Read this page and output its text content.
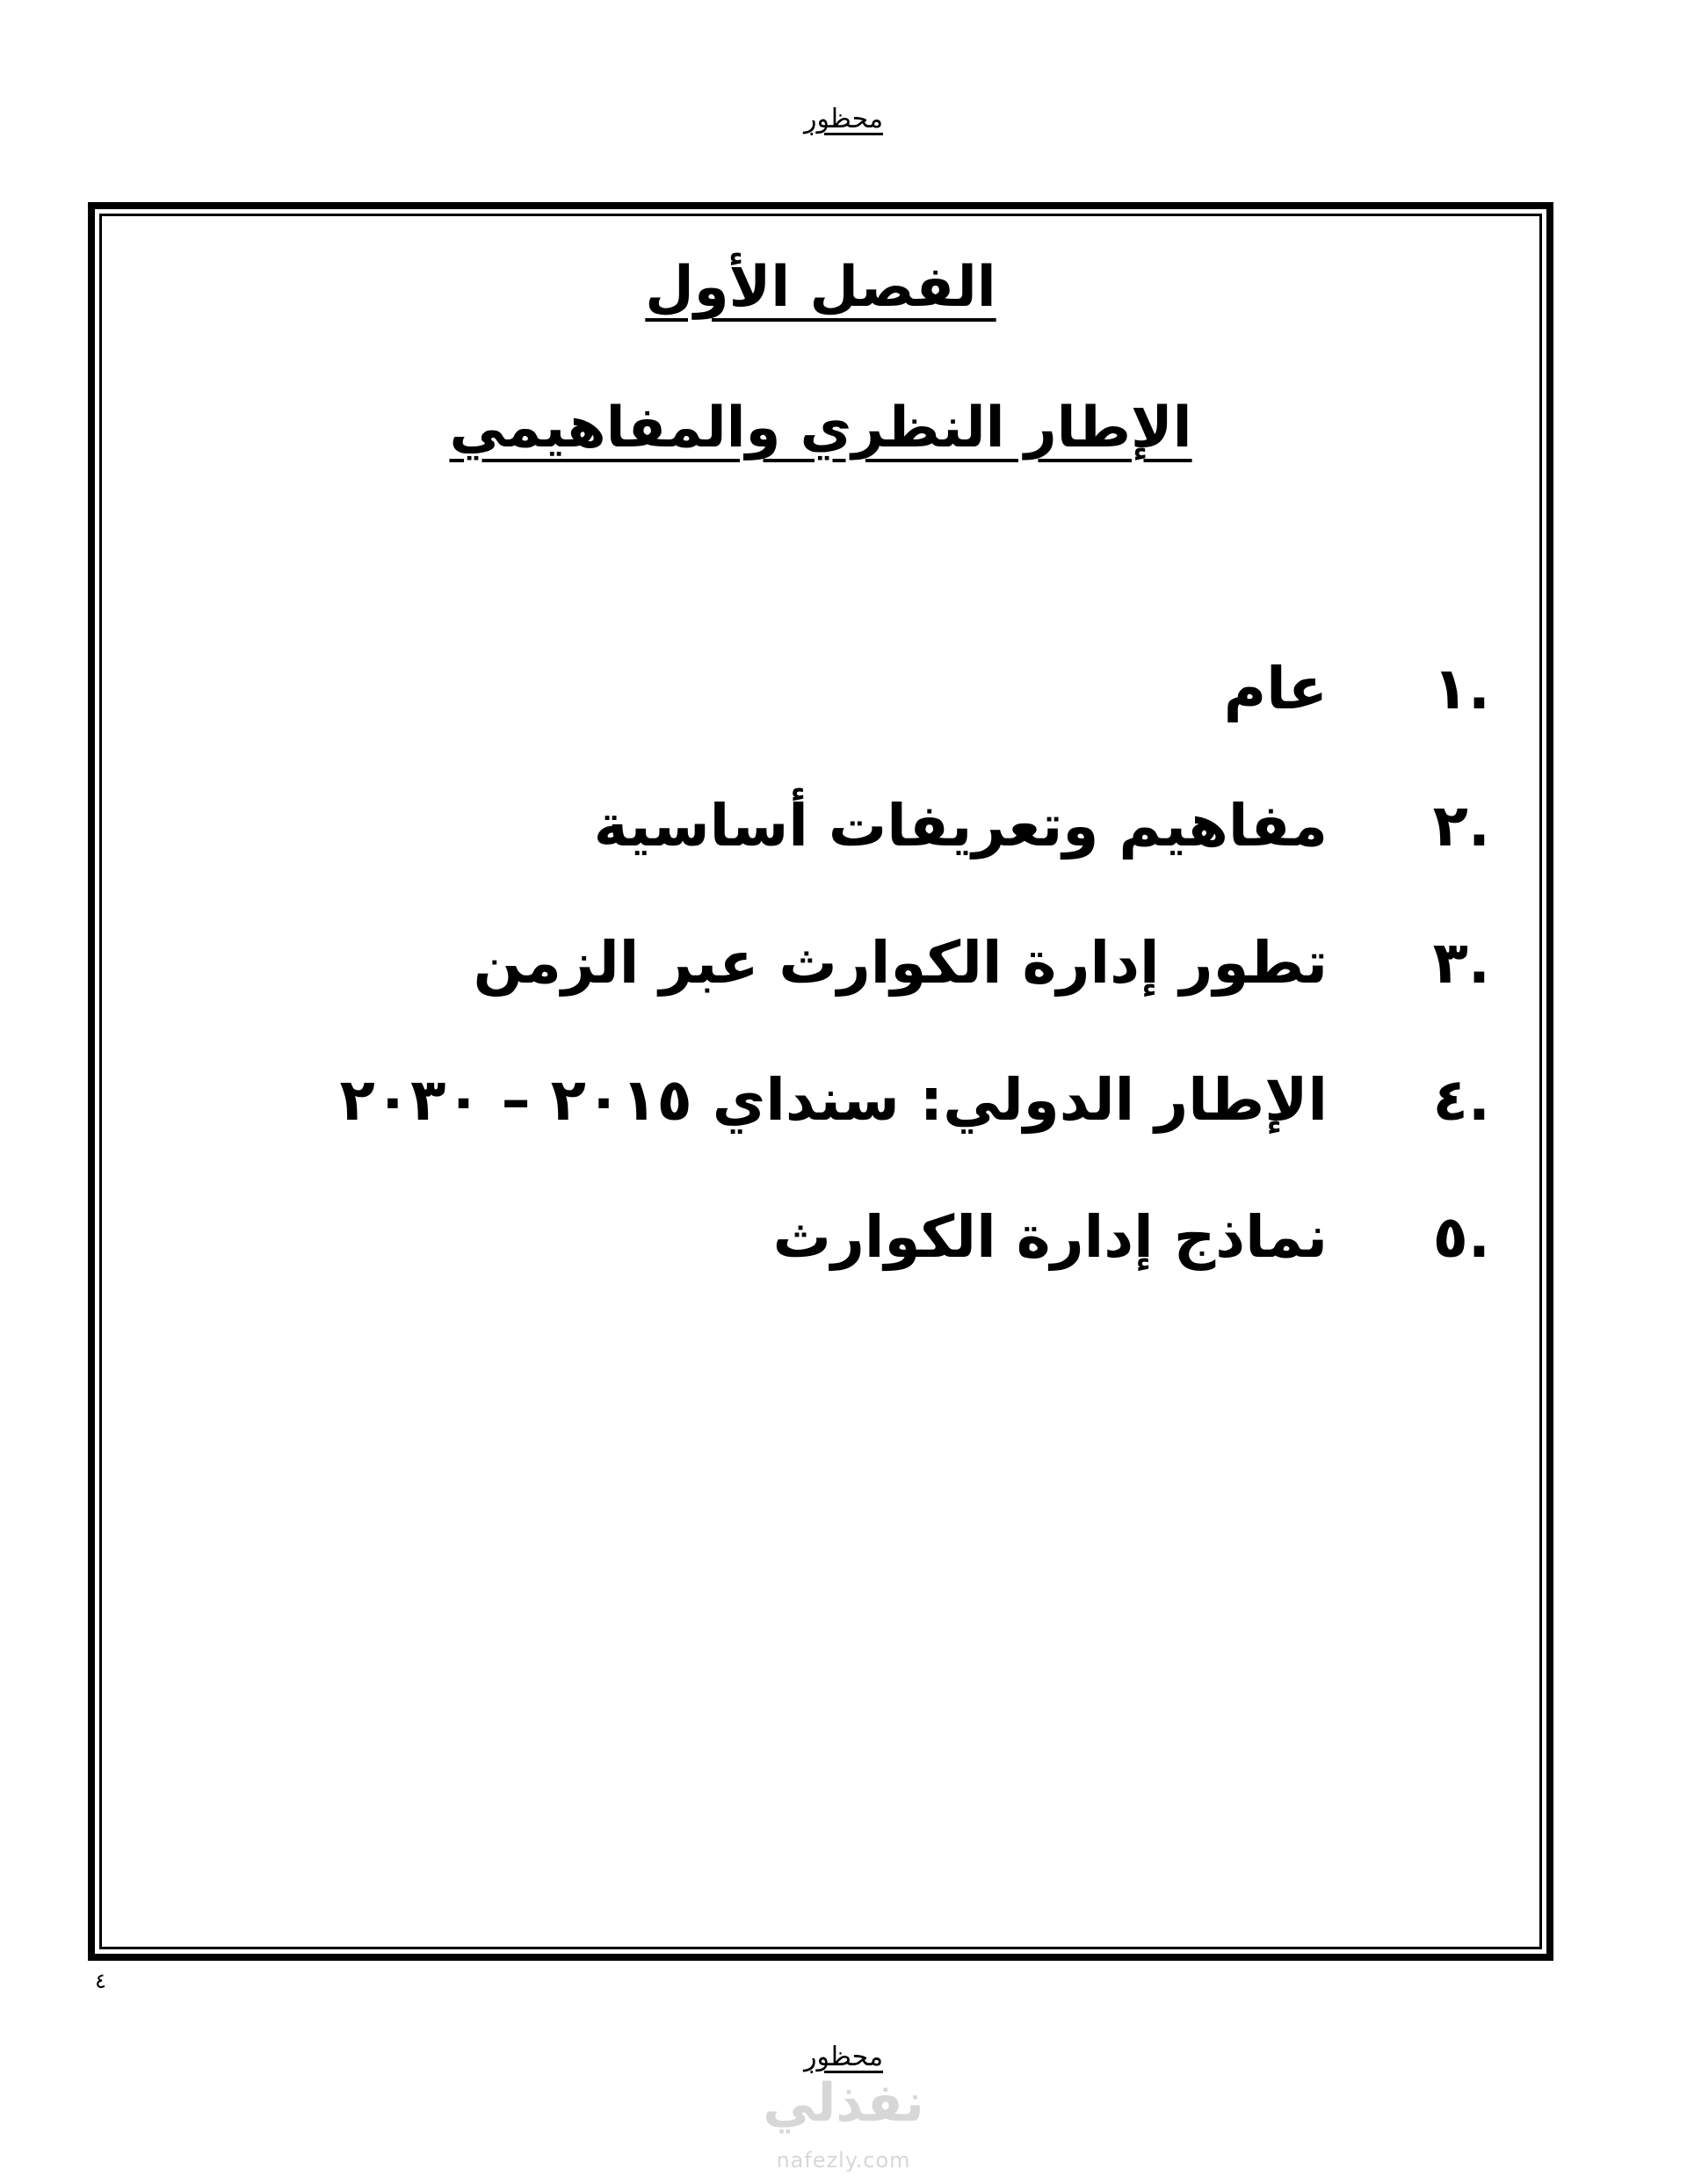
محظور
الفصل الأول
الإطار النظري والمفاهيمي
.١
عام
.٢
مفاهيم وتعريفات أساسية
.٣
تطور إدارة الكوارث عبر الزمن
.٤
الإطار الدولي: سنداي ٢٠١٥ – ٢٠٣٠
.٥
نماذج إدارة الكوارث
٤
محظور
نفذلي
nafezly.com
